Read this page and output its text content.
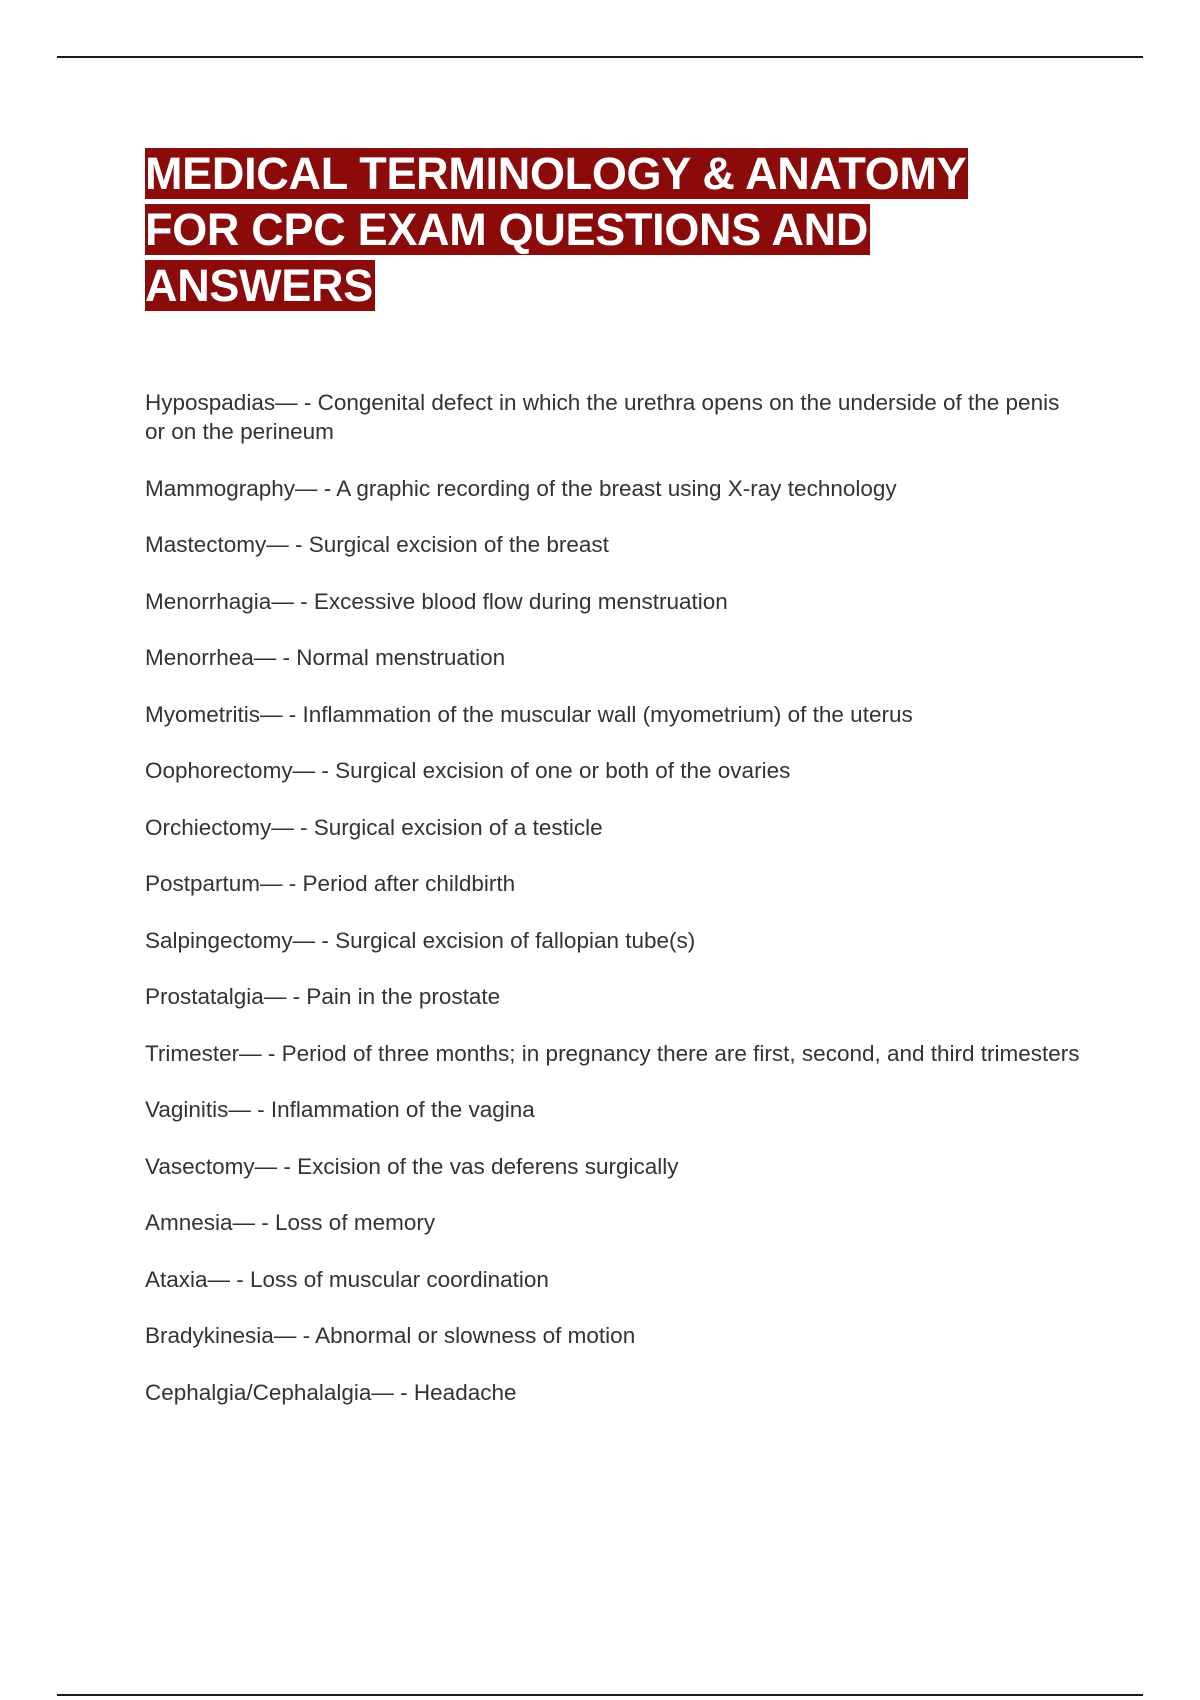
MEDICAL TERMINOLOGY & ANATOMY
FOR CPC EXAM QUESTIONS AND
ANSWERS
Hypospadias— - Congenital defect in which the urethra opens on the underside of the penis or on the perineum
Mammography— - A graphic recording of the breast using X-ray technology
Mastectomy— - Surgical excision of the breast
Menorrhagia— - Excessive blood flow during menstruation
Menorrhea— - Normal menstruation
Myometritis— - Inflammation of the muscular wall (myometrium) of the uterus
Oophorectomy— - Surgical excision of one or both of the ovaries
Orchiectomy— - Surgical excision of a testicle
Postpartum— - Period after childbirth
Salpingectomy— - Surgical excision of fallopian tube(s)
Prostatalgia— - Pain in the prostate
Trimester— - Period of three months; in pregnancy there are first, second, and third trimesters
Vaginitis— - Inflammation of the vagina
Vasectomy— - Excision of the vas deferens surgically
Amnesia— - Loss of memory
Ataxia— - Loss of muscular coordination
Bradykinesia— - Abnormal or slowness of motion
Cephalgia/Cephalalgia— - Headache
